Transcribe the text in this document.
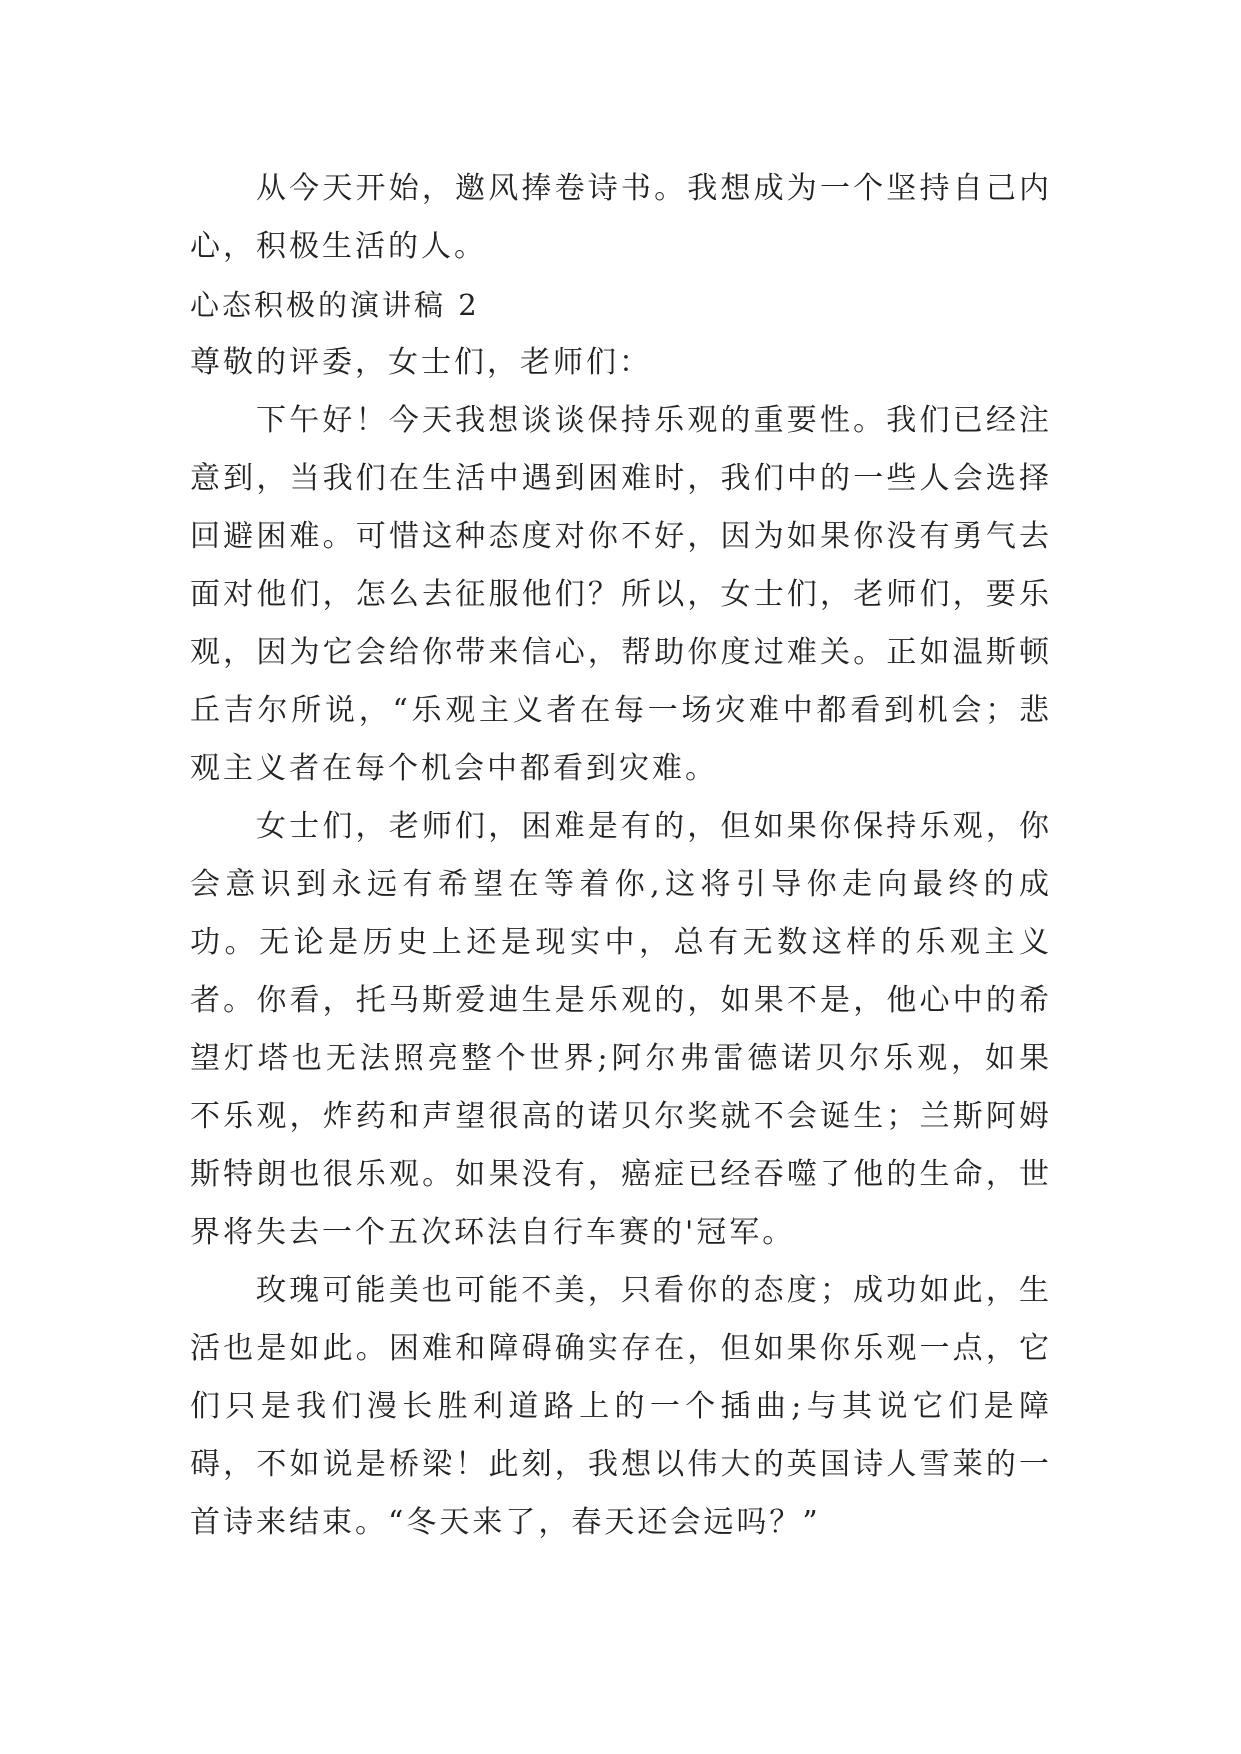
从今天开始，邀风捧卷诗书。我想成为一个坚持自己内心，积极生活的人。

心态积极的演讲稿 2

尊敬的评委，女士们，老师们：

下午好！今天我想谈谈保持乐观的重要性。我们已经注意到，当我们在生活中遇到困难时，我们中的一些人会选择回避困难。可惜这种态度对你不好，因为如果你没有勇气去面对他们，怎么去征服他们？所以，女士们，老师们，要乐观，因为它会给你带来信心，帮助你度过难关。正如温斯顿丘吉尔所说，“乐观主义者在每一场灾难中都看到机会；悲观主义者在每个机会中都看到灾难。

女士们，老师们，困难是有的，但如果你保持乐观，你会意识到永远有希望在等着你,这将引导你走向最终的成功。无论是历史上还是现实中，总有无数这样的乐观主义者。你看，托马斯爱迪生是乐观的，如果不是，他心中的希望灯塔也无法照亮整个世界;阿尔弗雷德诺贝尔乐观，如果不乐观，炸药和声望很高的诺贝尔奖就不会诞生；兰斯阿姆斯特朗也很乐观。如果没有，癌症已经吞噬了他的生命，世界将失去一个五次环法自行车赛的'冠军。

玫瑰可能美也可能不美，只看你的态度；成功如此，生活也是如此。困难和障碍确实存在，但如果你乐观一点，它们只是我们漫长胜利道路上的一个插曲;与其说它们是障碍，不如说是桥梁！此刻，我想以伟大的英国诗人雪莱的一首诗来结束。“冬天来了，春天还会远吗？”
